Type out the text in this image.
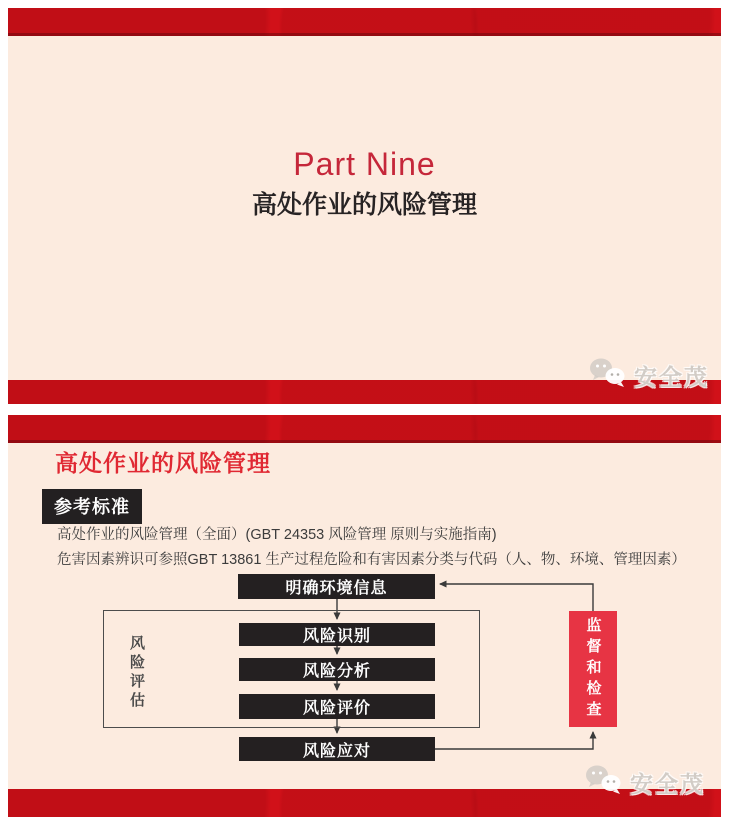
Part Nine
高处作业的风险管理
安全茂
高处作业的风险管理
参考标准
高处作业的风险管理（全面）(GBT 24353 风险管理 原则与实施指南)
危害因素辨识可参照GBT 13861 生产过程危险和有害因素分类与代码（人、物、环境、管理因素）
明确环境信息
风险评估	风险识别
风险分析
风险评价
风险应对
监督和检查
安全茂
